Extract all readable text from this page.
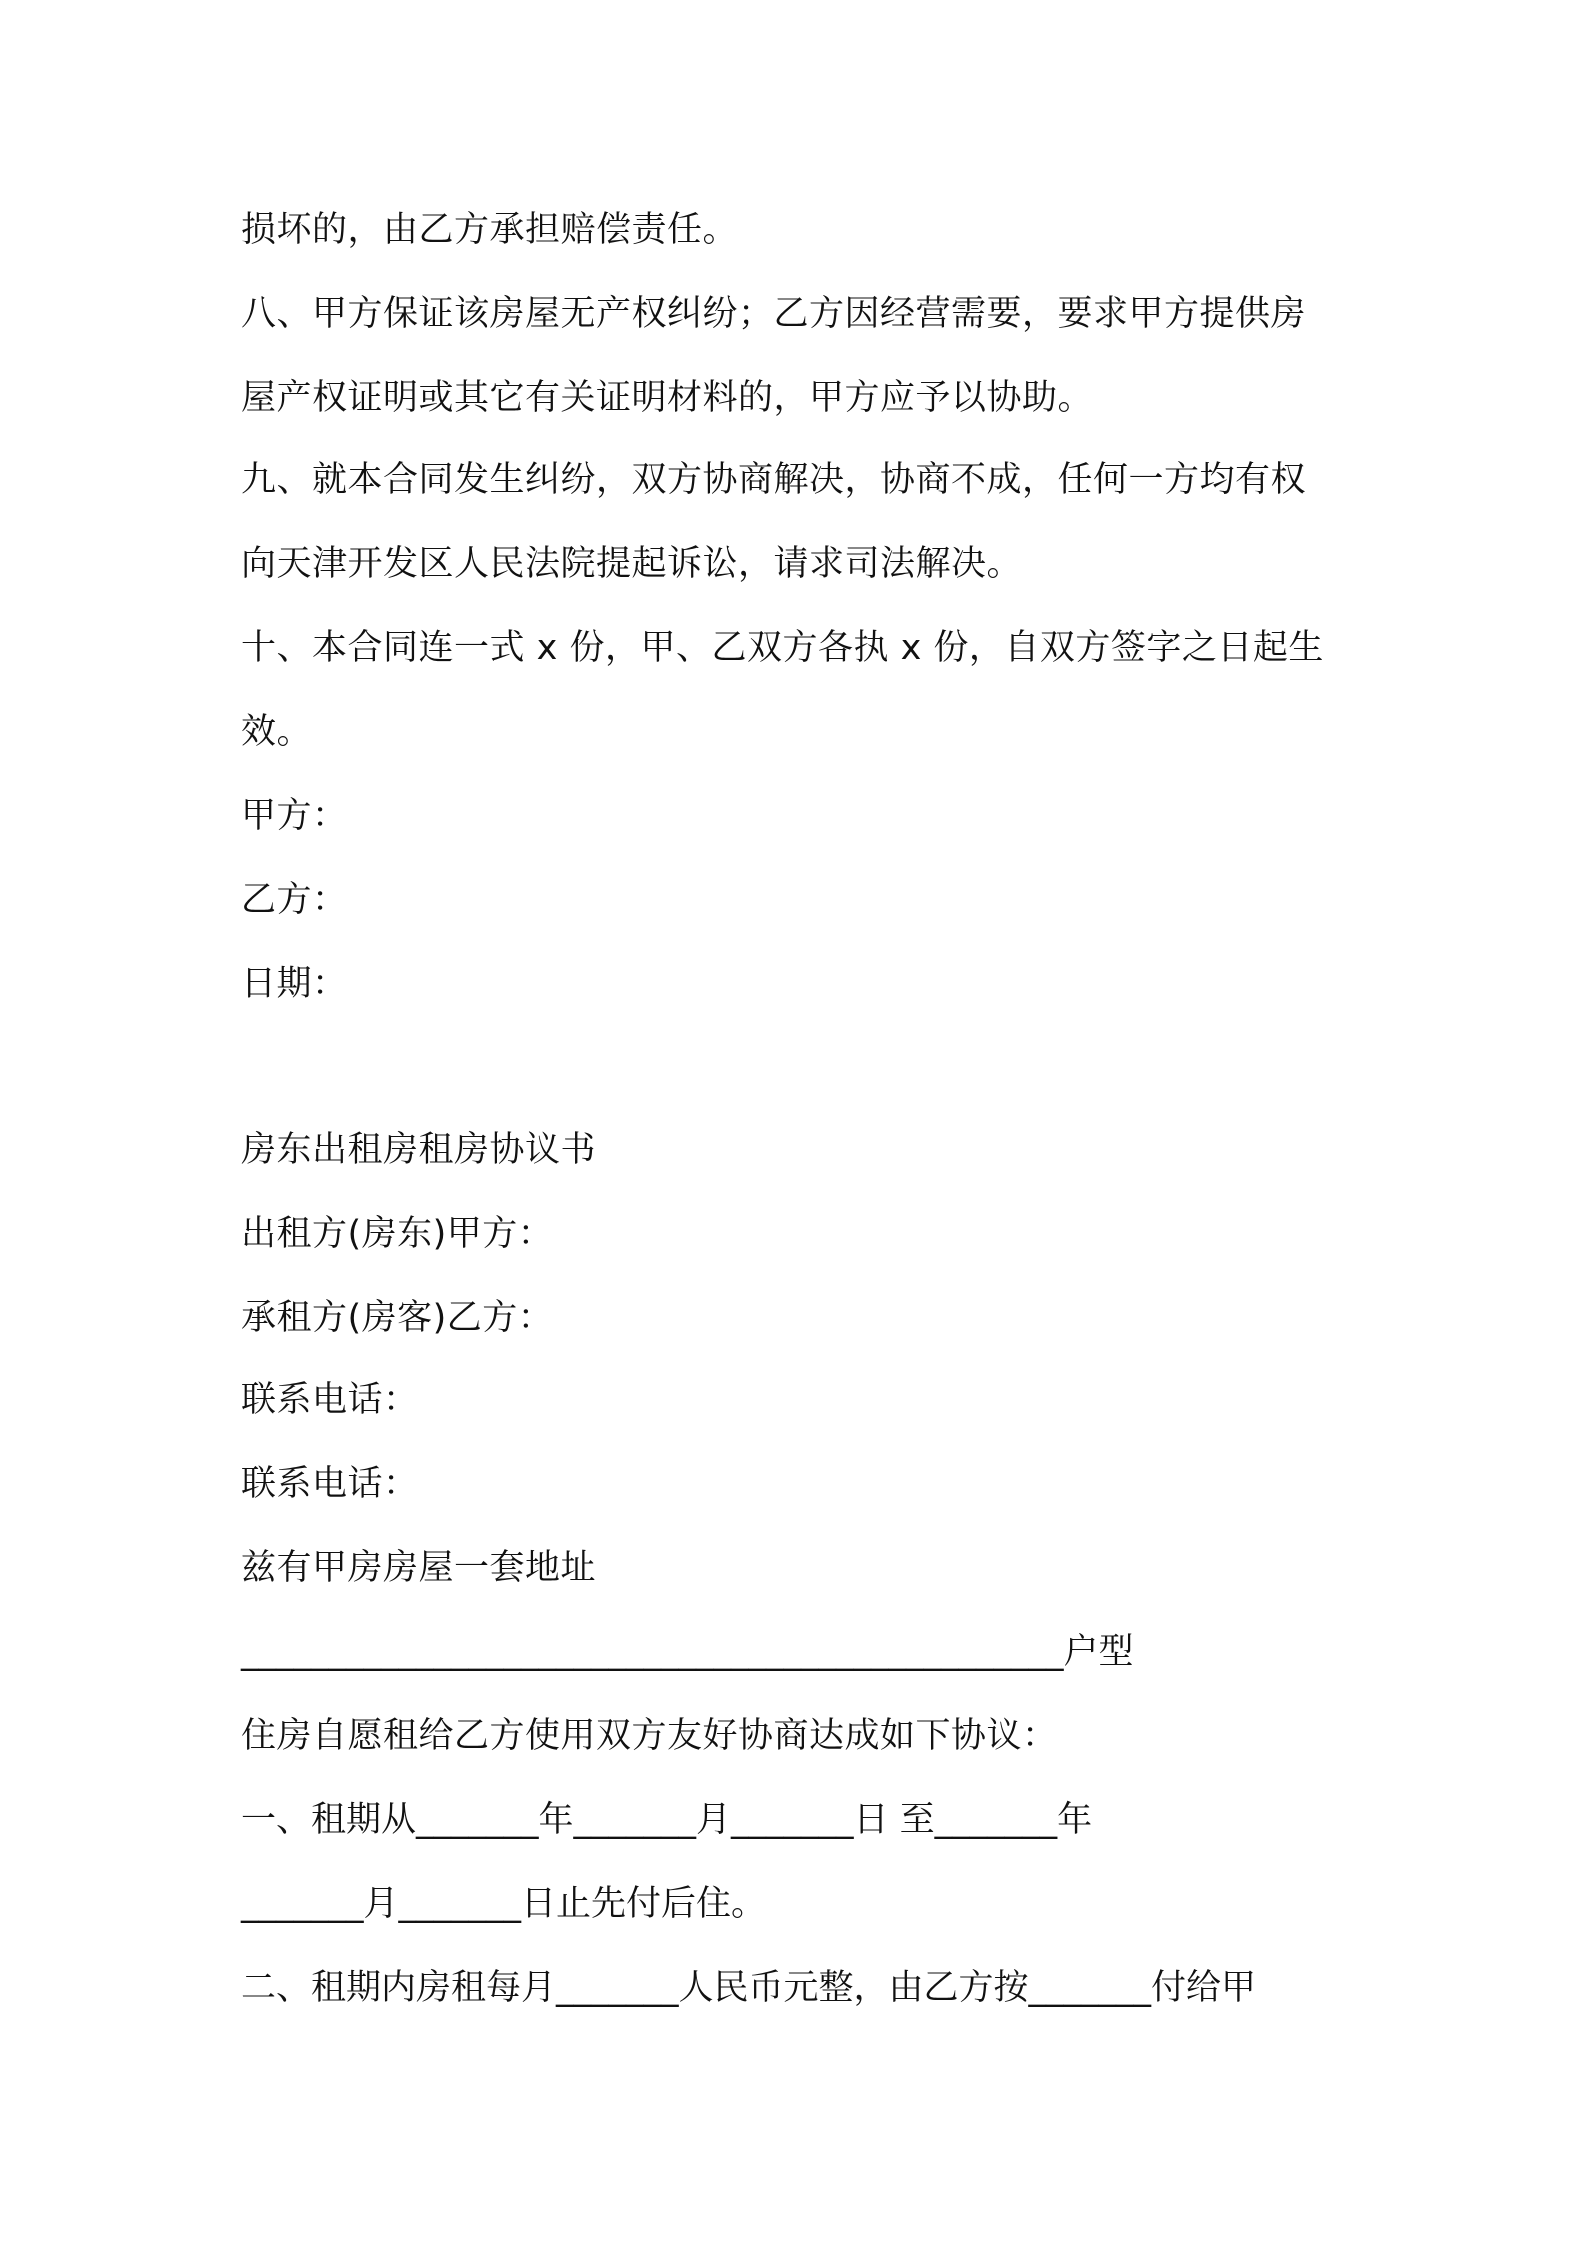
损坏的，由乙方承担赔偿责任。
八、甲方保证该房屋无产权纠纷；乙方因经营需要，要求甲方提供房
屋产权证明或其它有关证明材料的，甲方应予以协助。
九、就本合同发生纠纷，双方协商解决，协商不成，任何一方均有权
向天津开发区人民法院提起诉讼，请求司法解决。
十、本合同连一式 x 份，甲、乙双方各执 x 份，自双方签字之日起生
效。
甲方：
乙方：
日期：
房东出租房租房协议书
出租方(房东)甲方：
承租方(房客)乙方：
联系电话：
联系电话：
兹有甲房房屋一套地址
_______________________________________________户型
住房自愿租给乙方使用双方友好协商达成如下协议：
一、租期从_______年_______月_______日 至_______年
_______月_______日止先付后住。
二、租期内房租每月_______人民币元整，由乙方按_______付给甲
